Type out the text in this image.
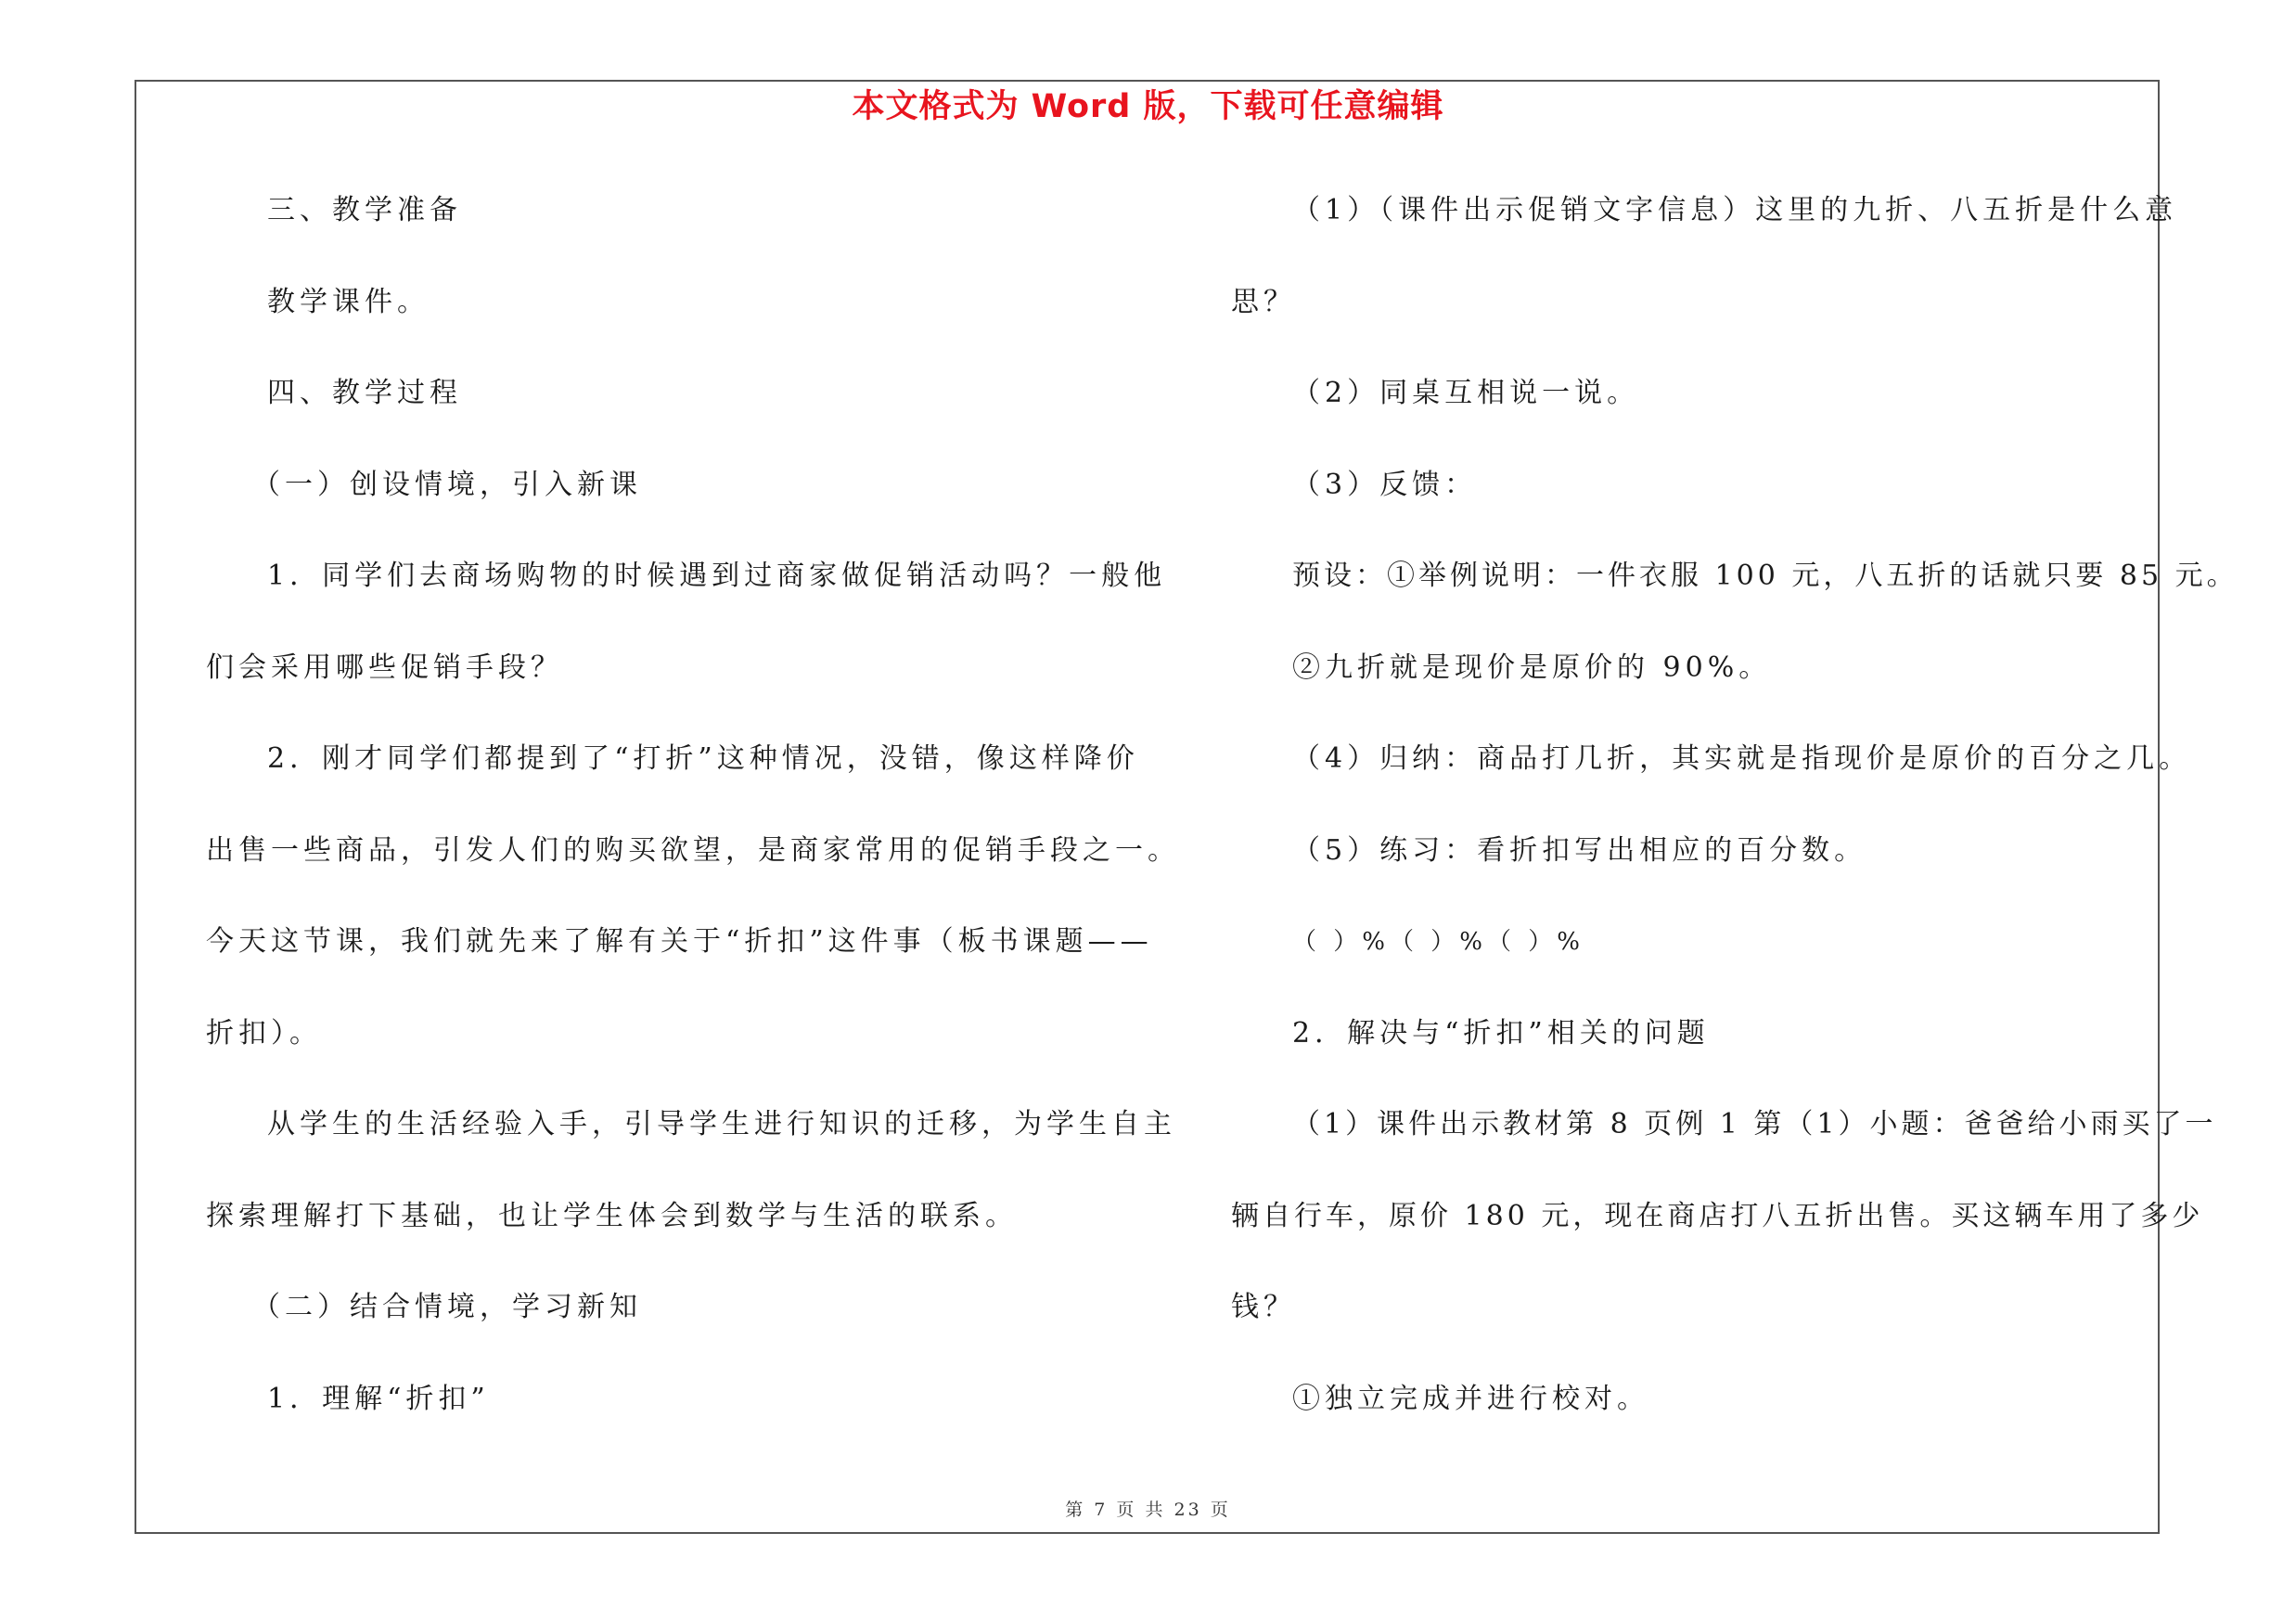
本文格式为 Word 版，下载可任意编辑
三、教学准备
教学课件。
四、教学过程
（一）创设情境，引入新课
1．同学们去商场购物的时候遇到过商家做促销活动吗？一般他
们会采用哪些促销手段？
2．刚才同学们都提到了“打折”这种情况，没错，像这样降价
出售一些商品，引发人们的购买欲望，是商家常用的促销手段之一。
今天这节课，我们就先来了解有关于“折扣”这件事（板书课题——
折扣）。
从学生的生活经验入手，引导学生进行知识的迁移，为学生自主
探索理解打下基础，也让学生体会到数学与生活的联系。
（二）结合情境，学习新知
1．理解“折扣”
（1）（课件出示促销文字信息）这里的九折、八五折是什么意
思？
（2）同桌互相说一说。
（3）反馈：
预设：①举例说明：一件衣服 100 元，八五折的话就只要 85 元。
②九折就是现价是原价的 90%。
（4）归纳：商品打几折，其实就是指现价是原价的百分之几。
（5）练习：看折扣写出相应的百分数。
（ ）%（ ）%（ ）%
2．解决与“折扣”相关的问题
（1）课件出示教材第 8 页例 1 第（1）小题：爸爸给小雨买了一
辆自行车，原价 180 元，现在商店打八五折出售。买这辆车用了多少
钱？
①独立完成并进行校对。
第 7 页 共 23 页
